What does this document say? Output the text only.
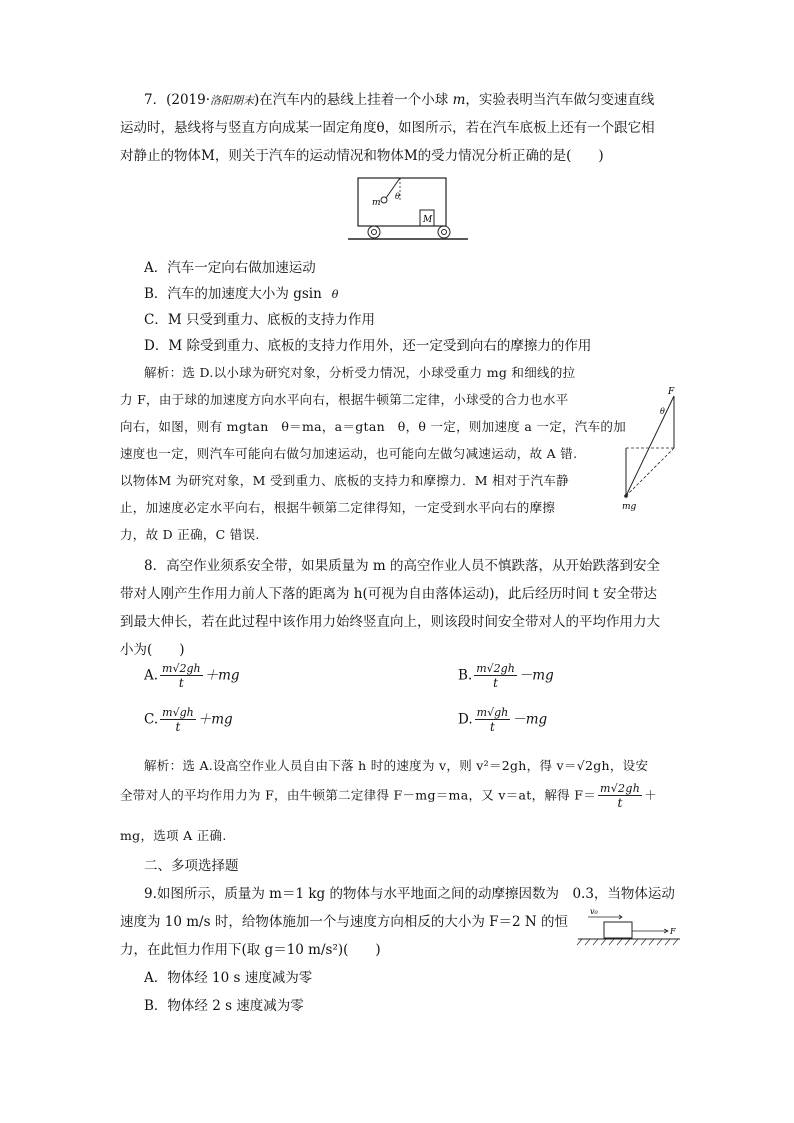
7．(2019·洛阳期末)在汽车内的悬线上挂着一个小球 m，实验表明当汽车做匀变速直线
运动时，悬线将与竖直方向成某一固定角度θ，如图所示，若在汽车底板上还有一个跟它相
对静止的物体M，则关于汽车的运动情况和物体M的受力情况分析正确的是(　　)
m
θ
M
A．汽车一定向右做加速运动
B．汽车的加速度大小为 gsin θ
C．M 只受到重力、底板的支持力作用
D．M 除受到重力、底板的支持力作用外，还一定受到向右的摩擦力的作用
解析：选 D.以小球为研究对象，分析受力情况，小球受重力 mg 和细线的拉
力 F，由于球的加速度方向水平向右，根据牛顿第二定律，小球受的合力也水平
向右，如图，则有 mgtan　θ＝ma，a＝gtan　θ，θ 一定，则加速度 a 一定，汽车的加
速度也一定，则汽车可能向右做匀加速运动，也可能向左做匀减速运动，故 A 错.
以物体M 为研究对象，M 受到重力、底板的支持力和摩擦力．M 相对于汽车静
止，加速度必定水平向右，根据牛顿第二定律得知，一定受到水平向右的摩擦
力，故 D 正确，C 错误.
F
θ
mg
8．高空作业须系安全带，如果质量为 m 的高空作业人员不慎跌落，从开始跌落到安全
带对人刚产生作用力前人下落的距离为 h(可视为自由落体运动)，此后经历时间 t 安全带达
到最大伸长，若在此过程中该作用力始终竖直向上，则该段时间安全带对人的平均作用力大
小为(　　)
A. $\frac{m√2gh}{t} +mg$	B. $\frac{m√2gh}{t} -mg$
C. $\frac{m√gh}{t} +mg$	D. $\frac{m√gh}{t} -mg$
解析：选 A.设高空作业人员自由下落 h 时的速度为 v，则 v²＝2gh，得 v＝√2gh，设安
全带对人的平均作用力为 F，由牛顿第二定律得 F－mg＝ma，又 v＝at，解得 $F= \frac{m√2gh}{t}$ ＋
mg，选项 A 正确.
二、多项选择题
9.如图所示，质量为 m＝1 kg 的物体与水平地面之间的动摩擦因数为　0.3，当物体运动
速度为 10 m/s 时，给物体施加一个与速度方向相反的大小为 F＝2 N 的恒
力，在此恒力作用下(取 g＝10 m/s²)(　　)
v₀
F
A．物体经 10 s 速度减为零
B．物体经 2 s 速度减为零
